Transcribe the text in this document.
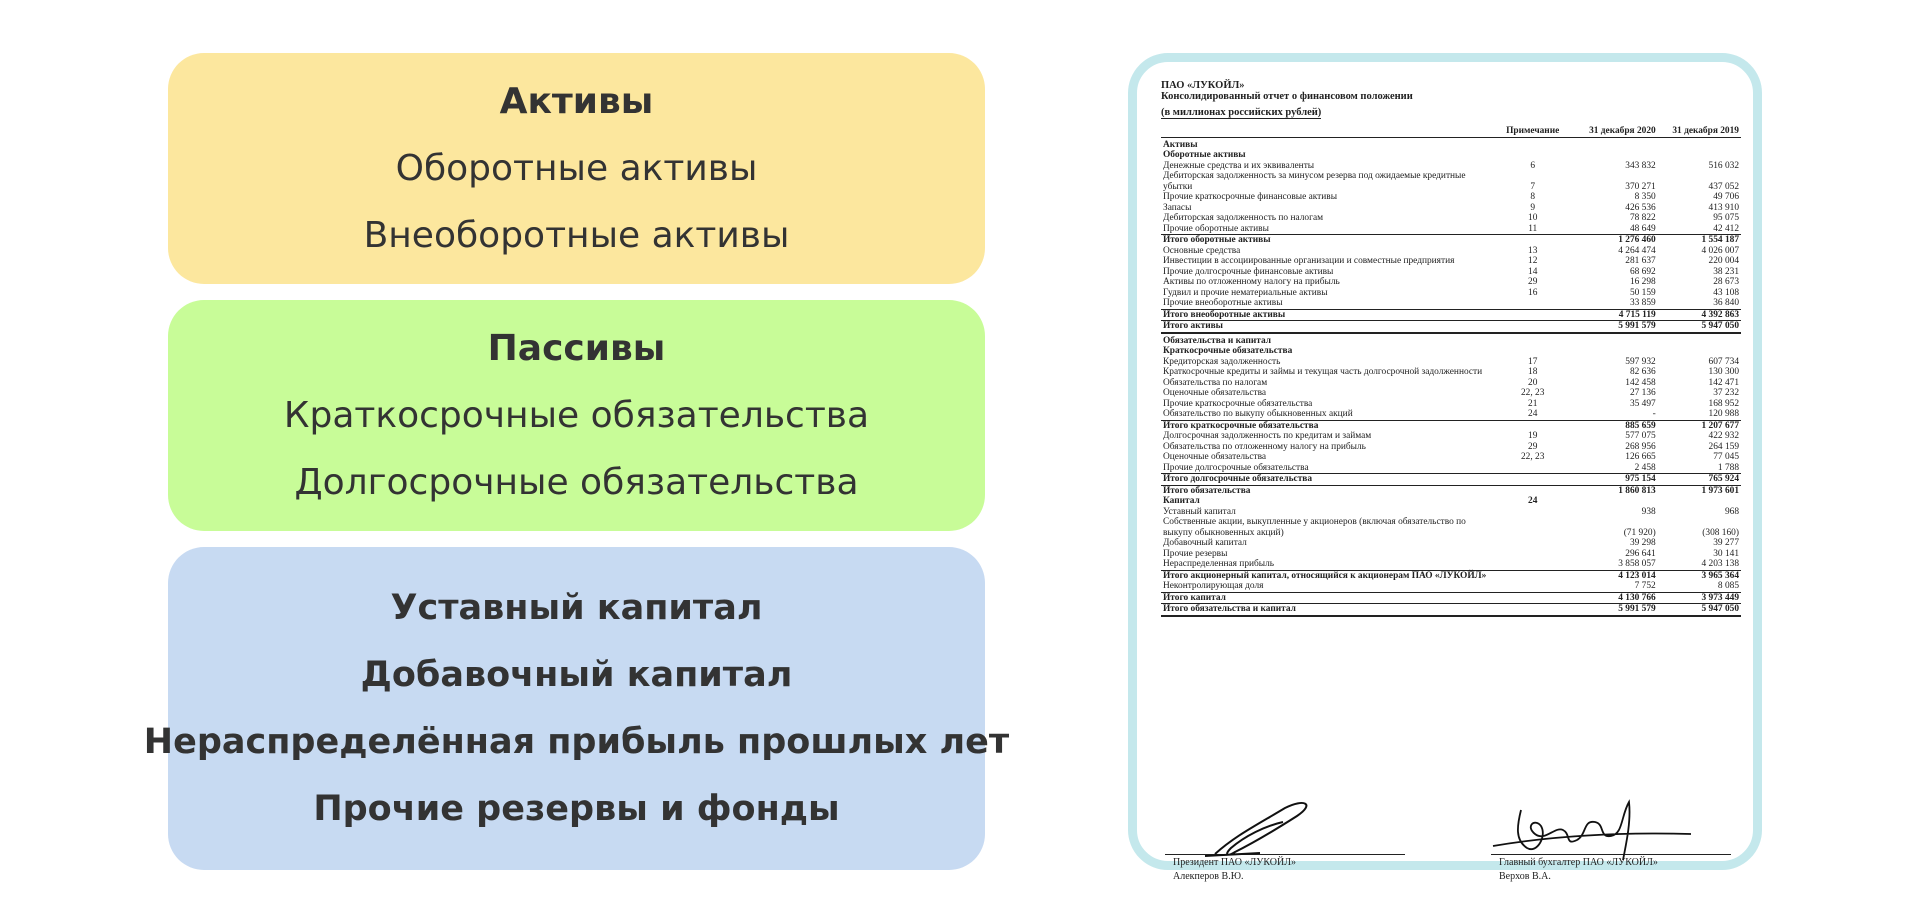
Активы
Оборотные активы
Внеоборотные активы
Пассивы
Краткосрочные обязательства
Долгосрочные обязательства
Уставный капитал
Добавочный капитал
Нераспределённая прибыль прошлых лет
Прочие резервы и фонды
ПАО «ЛУКОЙЛ»
Консолидированный отчет о финансовом положении
(в миллионах российских рублей)
	Примечание	31 декабря 2020	31 декабря 2019
Активы			
Оборотные активы			
Денежные средства и их эквиваленты	6	343 832	516 032
Дебиторская задолженность за минусом резерва под ожидаемые кредитные убытки	7	370 271	437 052
Прочие краткосрочные финансовые активы	8	8 350	49 706
Запасы	9	426 536	413 910
Дебиторская задолженность по налогам	10	78 822	95 075
Прочие оборотные активы	11	48 649	42 412
Итого оборотные активы		1 276 460	1 554 187
Основные средства	13	4 264 474	4 026 007
Инвестиции в ассоциированные организации и совместные предприятия	12	281 637	220 004
Прочие долгосрочные финансовые активы	14	68 692	38 231
Активы по отложенному налогу на прибыль	29	16 298	28 673
Гудвил и прочие нематериальные активы	16	50 159	43 108
Прочие внеоборотные активы		33 859	36 840
Итого внеоборотные активы		4 715 119	4 392 863
Итого активы		5 991 579	5 947 050
Обязательства и капитал			
Краткосрочные обязательства			
Кредиторская задолженность	17	597 932	607 734
Краткосрочные кредиты и займы и текущая часть долгосрочной задолженности	18	82 636	130 300
Обязательства по налогам	20	142 458	142 471
Оценочные обязательства	22, 23	27 136	37 232
Прочие краткосрочные обязательства	21	35 497	168 952
Обязательство по выкупу обыкновенных акций	24	-	120 988
Итого краткосрочные обязательства		885 659	1 207 677
Долгосрочная задолженность по кредитам и займам	19	577 075	422 932
Обязательства по отложенному налогу на прибыль	29	268 956	264 159
Оценочные обязательства	22, 23	126 665	77 045
Прочие долгосрочные обязательства		2 458	1 788
Итого долгосрочные обязательства		975 154	765 924
Итого обязательства		1 860 813	1 973 601
Капитал	24		
Уставный капитал		938	968
Собственные акции, выкупленные у акционеров (включая обязательство по выкупу обыкновенных акций)		(71 920)	(308 160)
Добавочный капитал		39 298	39 277
Прочие резервы		296 641	30 141
Нераспределенная прибыль		3 858 057	4 203 138
Итого акционерный капитал, относящийся к акционерам ПАО «ЛУКОЙЛ»		4 123 014	3 965 364
Неконтролирующая доля		7 752	8 085
Итого капитал		4 130 766	3 973 449
Итого обязательства и капитал		5 991 579	5 947 050
Президент ПАО «ЛУКОЙЛ»
Алекперов В.Ю.
Главный бухгалтер ПАО «ЛУКОЙЛ»
Верхов В.А.
